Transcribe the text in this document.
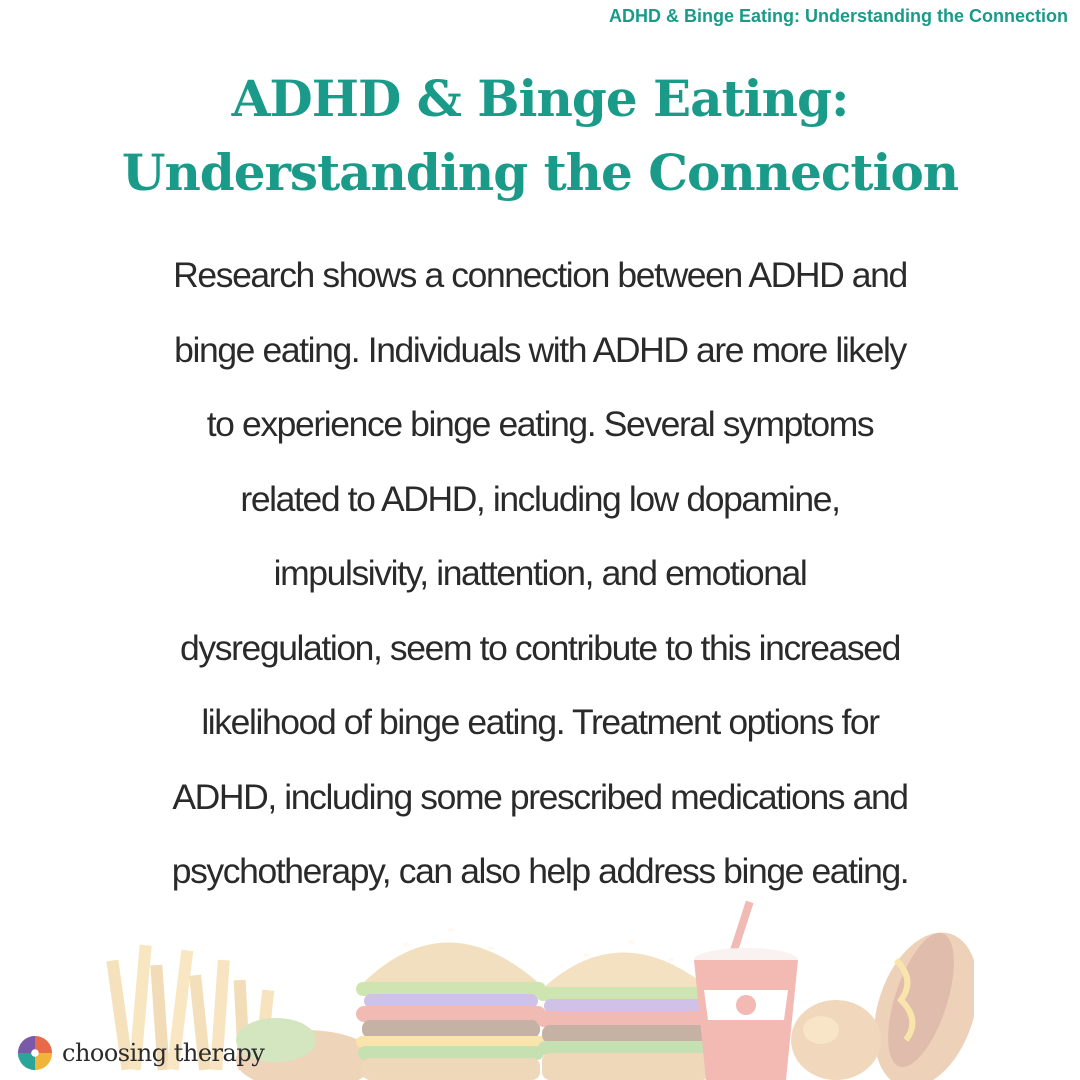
ADHD & Binge Eating: Understanding the Connection
ADHD & Binge Eating:
Understanding the Connection
Research shows a connection between ADHD and
binge eating. Individuals with ADHD are more likely
to experience binge eating. Several symptoms
related to ADHD, including low dopamine,
impulsivity, inattention, and emotional
dysregulation, seem to contribute to this increased
likelihood of binge eating. Treatment options for
ADHD, including some prescribed medications and
psychotherapy, can also help address binge eating.
choosing therapy
